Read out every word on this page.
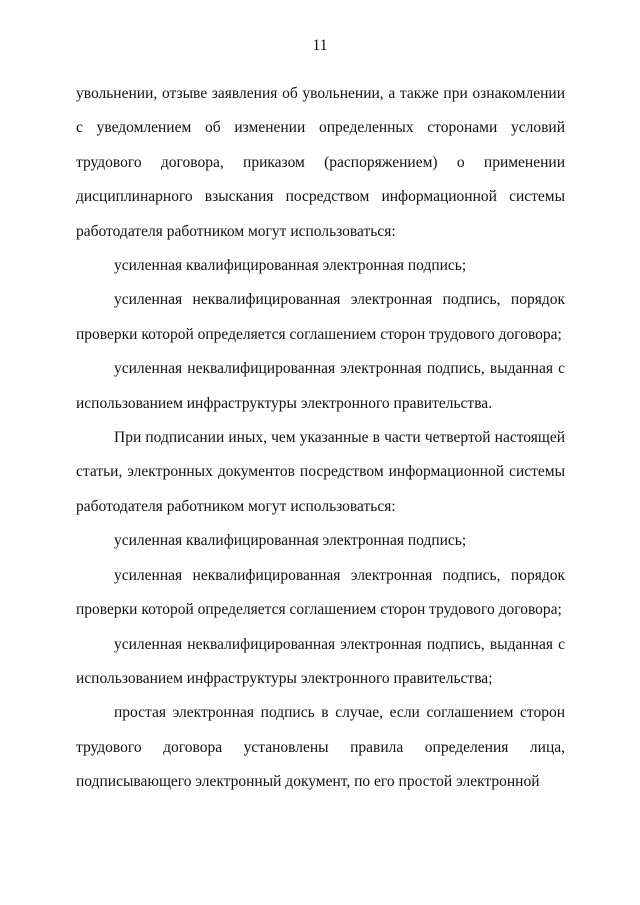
11

увольнении, отзыве заявления об увольнении, а также при ознакомлении с уведомлением об изменении определенных сторонами условий трудового договора, приказом (распоряжением) о применении дисциплинарного взыскания посредством информационной системы работодателя работником могут использоваться:

усиленная квалифицированная электронная подпись;

усиленная неквалифицированная электронная подпись, порядок проверки которой определяется соглашением сторон трудового договора;

усиленная неквалифицированная электронная подпись, выданная с использованием инфраструктуры электронного правительства.

При подписании иных, чем указанные в части четвертой настоящей статьи, электронных документов посредством информационной системы работодателя работником могут использоваться:

усиленная квалифицированная электронная подпись;

усиленная неквалифицированная электронная подпись, порядок проверки которой определяется соглашением сторон трудового договора;

усиленная неквалифицированная электронная подпись, выданная с использованием инфраструктуры электронного правительства;

простая электронная подпись в случае, если соглашением сторон трудового договора установлены правила определения лица, подписывающего электронный документ, по его простой электронной
